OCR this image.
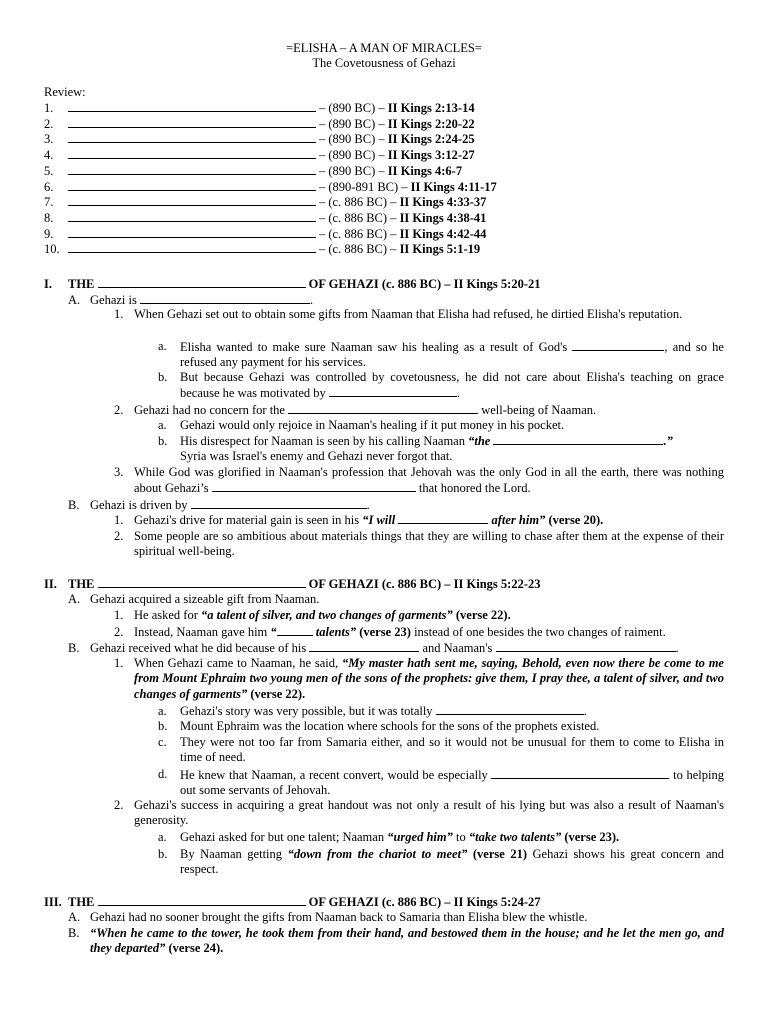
=ELISHA – A MAN OF MIRACLES=
The Covetousness of Gehazi
Review:
1.	– (890 BC) – II Kings 2:13-14
2.	– (890 BC) – II Kings 2:20-22
3.	– (890 BC) – II Kings 2:24-25
4.	– (890 BC) – II Kings 3:12-27
5.	– (890 BC) – II Kings 4:6-7
6.	– (890-891 BC) – II Kings 4:11-17
7.	– (c. 886 BC) – II Kings 4:33-37
8.	– (c. 886 BC) – II Kings 4:38-41
9.	– (c. 886 BC) – II Kings 4:42-44
10.	– (c. 886 BC) – II Kings 5:1-19
I. THE	OF GEHAZI (c. 886 BC) – II Kings 5:20-21
A. Gehazi is	.
1. When Gehazi set out to obtain some gifts from Naaman that Elisha had refused, he dirtied Elisha's reputation.
a. Elisha wanted to make sure Naaman saw his healing as a result of God's	, and so he refused any payment for his services.
b. But because Gehazi was controlled by covetousness, he did not care about Elisha's teaching on grace because he was motivated by	.
2. Gehazi had no concern for the	well-being of Naaman.
a. Gehazi would only rejoice in Naaman's healing if it put money in his pocket.
b. His disrespect for Naaman is seen by his calling Naaman “the	.”
Syria was Israel's enemy and Gehazi never forgot that.
3. While God was glorified in Naaman's profession that Jehovah was the only God in all the earth, there was nothing about Gehazi’s	that honored the Lord.
B. Gehazi is driven by	.
1. Gehazi's drive for material gain is seen in his “I will	after him” (verse 20).
2. Some people are so ambitious about materials things that they are willing to chase after them at the expense of their spiritual well-being.
II. THE	OF GEHAZI (c. 886 BC) – II Kings 5:22-23
A. Gehazi acquired a sizeable gift from Naaman.
1. He asked for “a talent of silver, and two changes of garments” (verse 22).
2. Instead, Naaman gave him “	talents” (verse 23) instead of one besides the two changes of raiment.
B. Gehazi received what he did because of his	and Naaman's	.
1. When Gehazi came to Naaman, he said, “My master hath sent me, saying, Behold, even now there be come to me from Mount Ephraim two young men of the sons of the prophets: give them, I pray thee, a talent of silver, and two changes of garments” (verse 22).
a. Gehazi's story was very possible, but it was totally	.
b. Mount Ephraim was the location where schools for the sons of the prophets existed.
c. They were not too far from Samaria either, and so it would not be unusual for them to come to Elisha in time of need.
d. He knew that Naaman, a recent convert, would be especially	to helping out some servants of Jehovah.
2. Gehazi's success in acquiring a great handout was not only a result of his lying but was also a result of Naaman's generosity.
a. Gehazi asked for but one talent; Naaman “urged him” to “take two talents” (verse 23).
b. By Naaman getting “down from the chariot to meet” (verse 21) Gehazi shows his great concern and respect.
III. THE	OF GEHAZI (c. 886 BC) – II Kings 5:24-27
A. Gehazi had no sooner brought the gifts from Naaman back to Samaria than Elisha blew the whistle.
B. “When he came to the tower, he took them from their hand, and bestowed them in the house; and he let the men go, and they departed” (verse 24).
